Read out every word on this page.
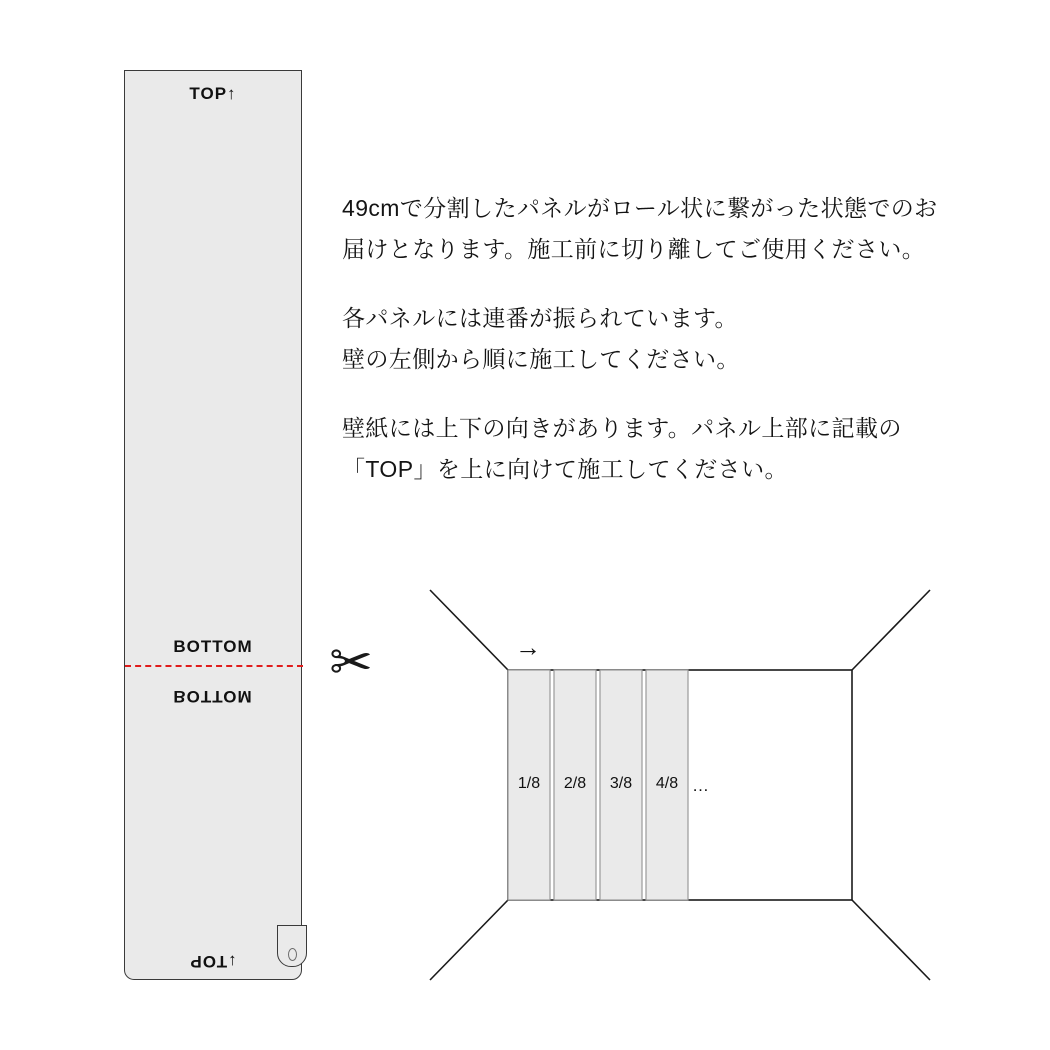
TOP↑
BOTTOM
BOTTOM
↓TOP
✂

49cmで分割したパネルがロール状に繋がった状態でのお届けとなります。施工前に切り離してご使用ください。

各パネルには連番が振られています。
壁の左側から順に施工してください。

壁紙には上下の向きがあります。パネル上部に記載の
「TOP」を上に向けて施工してください。

→
1/8	2/8	3/8	4/8 …
